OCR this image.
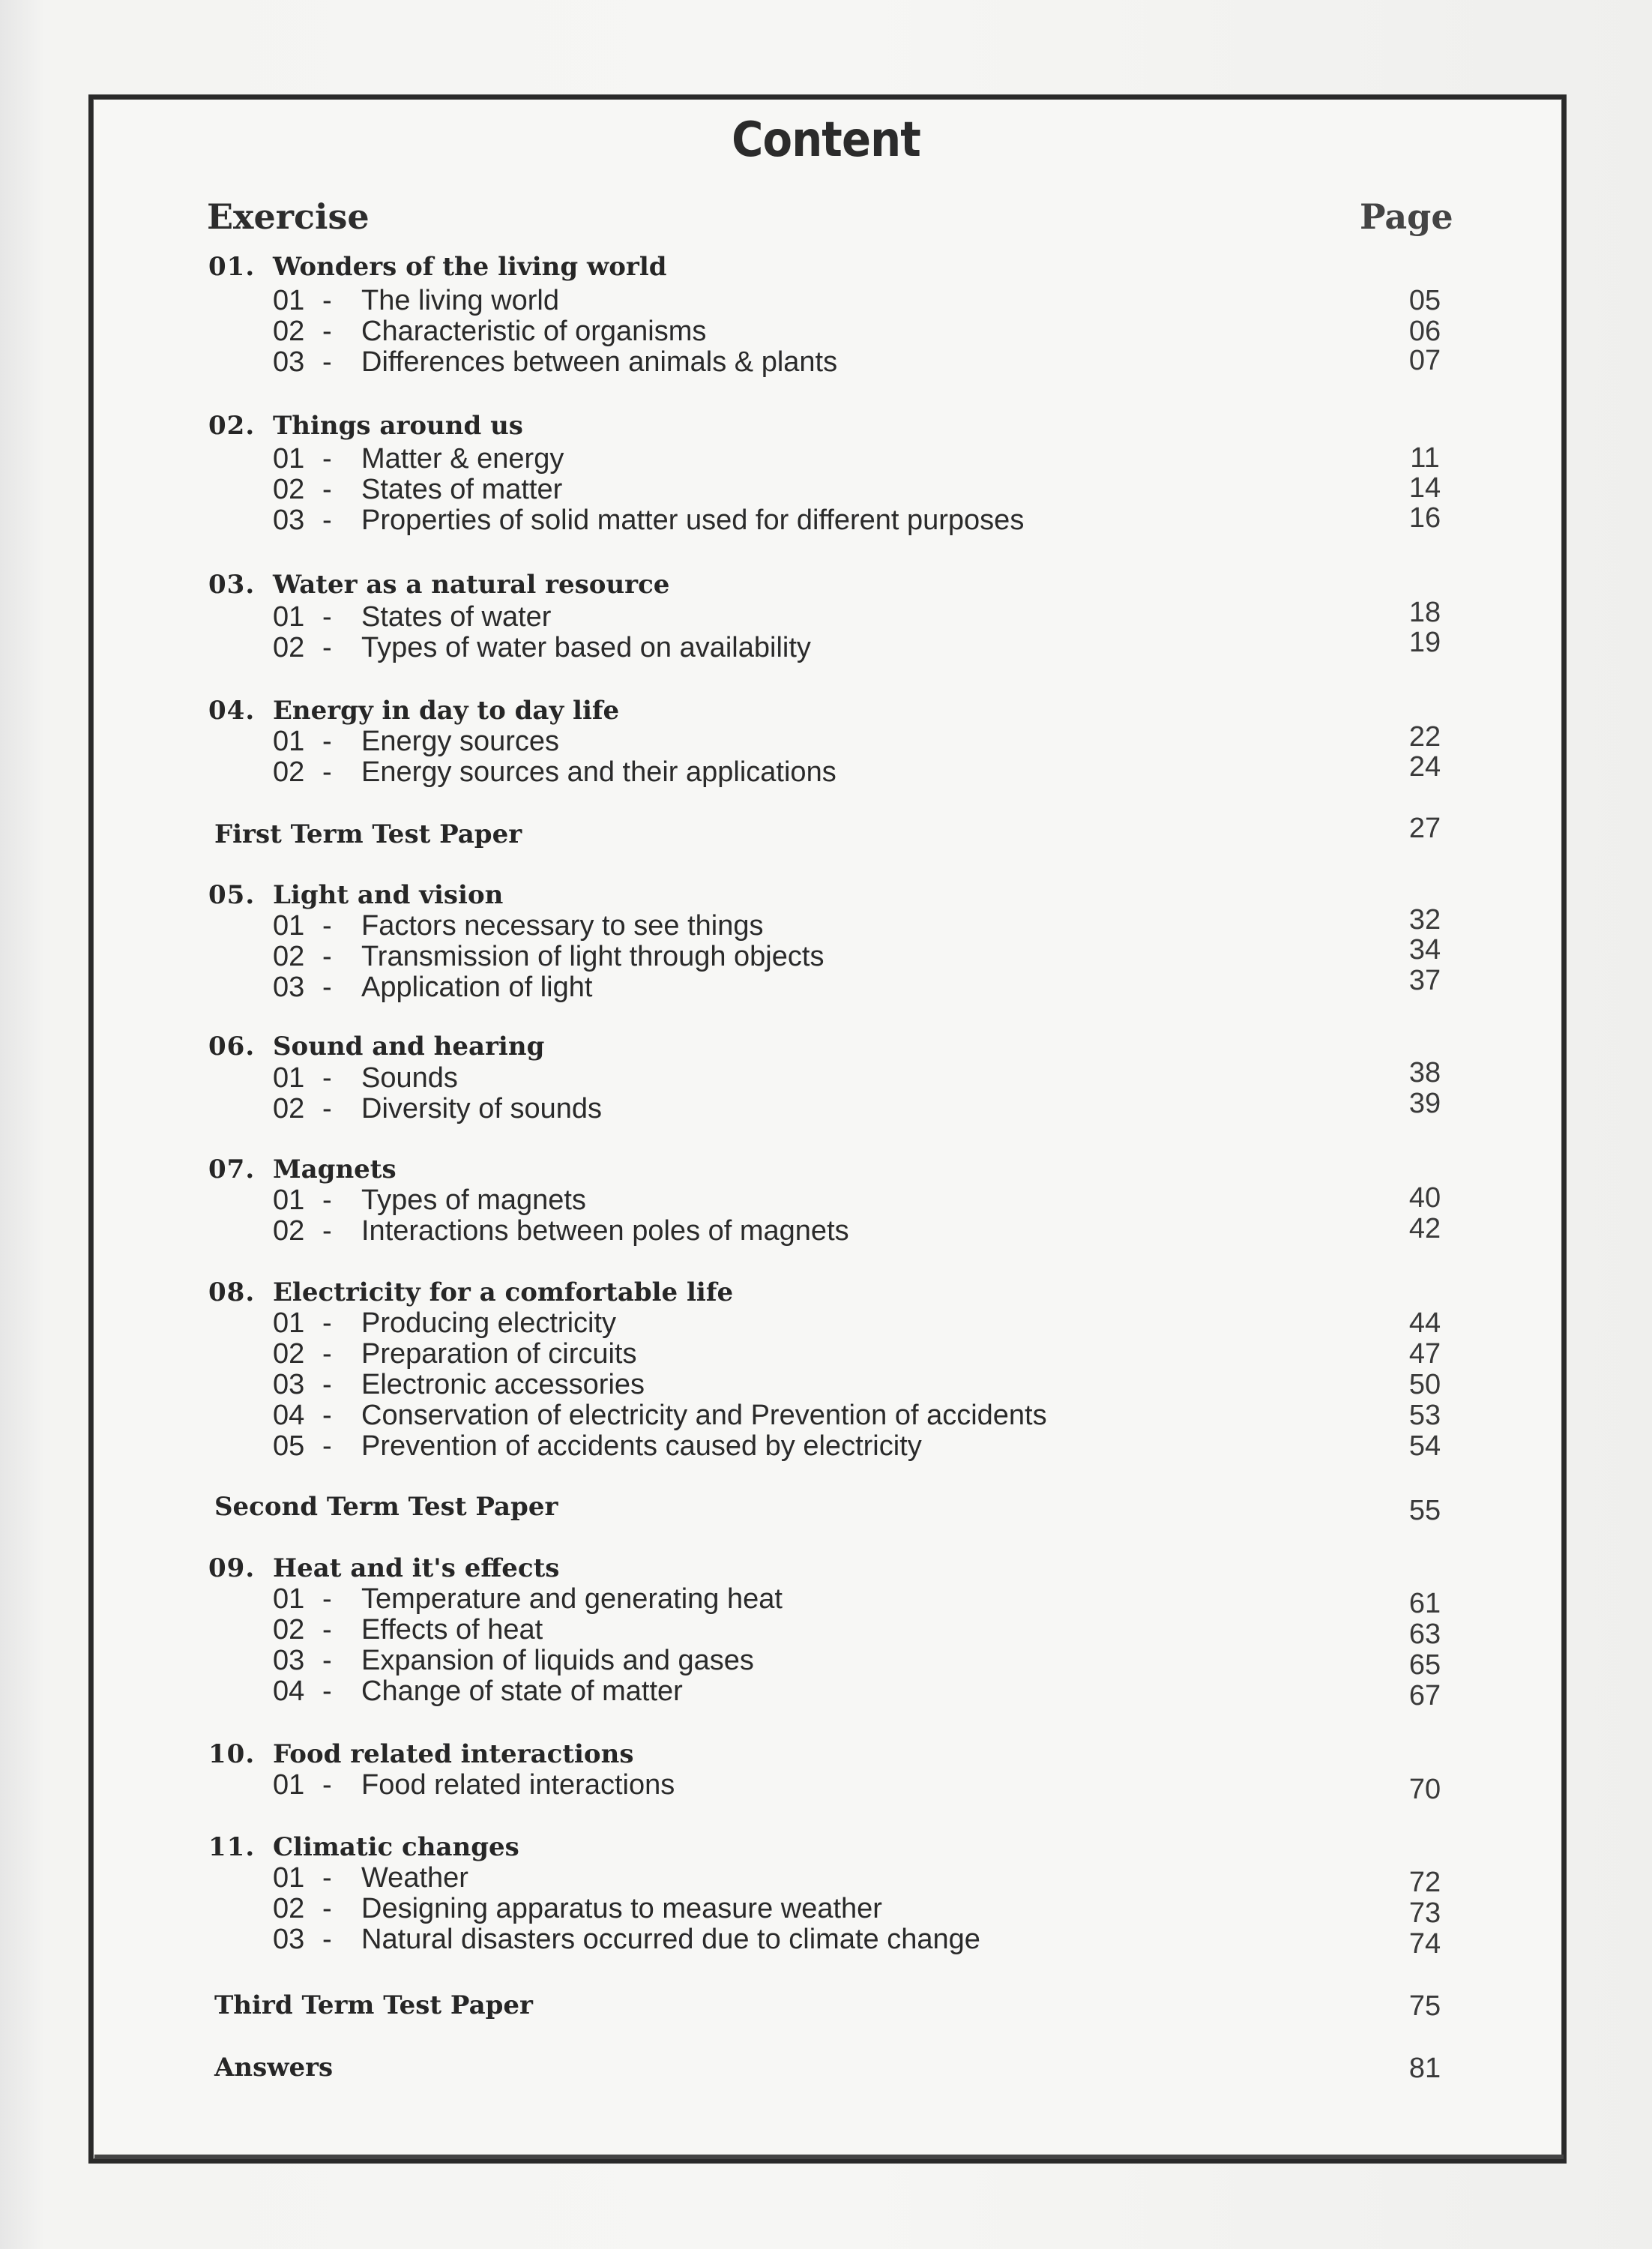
Content
Exercise	Page
01. Wonders of the living world
01 - The living world	05
02 - Characteristic of organisms	06
03 - Differences between animals & plants	07
02. Things around us
01 - Matter & energy	11
02 - States of matter	14
03 - Properties of solid matter used for different purposes	16
03. Water as a natural resource
01 - States of water	18
02 - Types of water based on availability	19
04. Energy in day to day life
01 - Energy sources	22
02 - Energy sources and their applications	24
First Term Test Paper	27
05. Light and vision
01 - Factors necessary to see things	32
02 - Transmission of light through objects	34
03 - Application of light	37
06. Sound and hearing
01 - Sounds	38
02 - Diversity of sounds	39
07. Magnets
01 - Types of magnets	40
02 - Interactions between poles of magnets	42
08. Electricity for a comfortable life
01 - Producing electricity	44
02 - Preparation of circuits	47
03 - Electronic accessories	50
04 - Conservation of electricity and Prevention of accidents	53
05 - Prevention of accidents caused by electricity	54
Second Term Test Paper	55
09. Heat and it's effects
01 - Temperature and generating heat	61
02 - Effects of heat	63
03 - Expansion of liquids and gases	65
04 - Change of state of matter	67
10. Food related interactions
01 - Food related interactions	70
11. Climatic changes
01 - Weather	72
02 - Designing apparatus to measure weather	73
03 - Natural disasters occurred due to climate change	74
Third Term Test Paper	75
Answers	81
